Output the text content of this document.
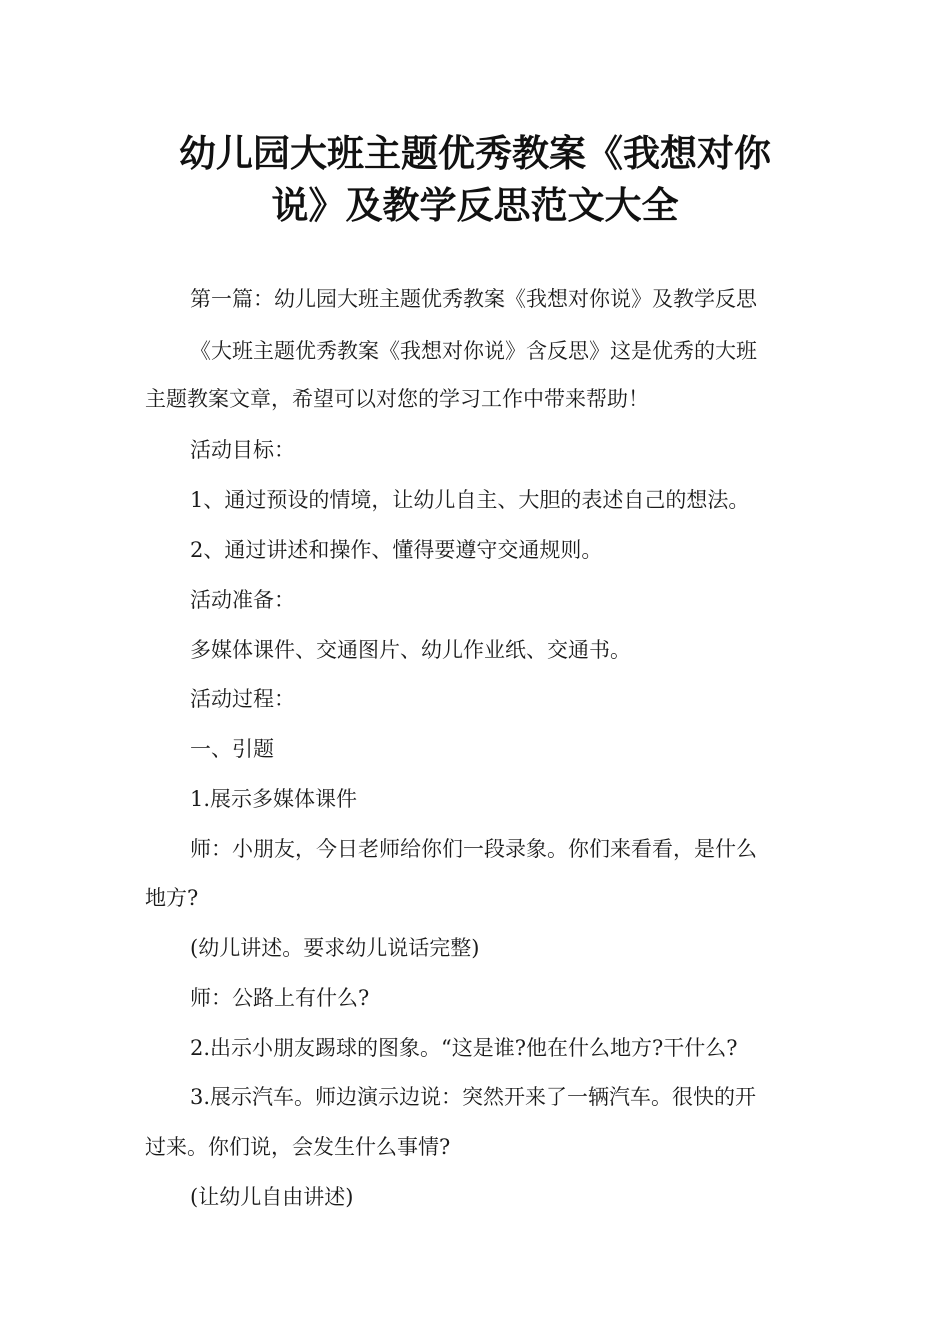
幼儿园大班主题优秀教案《我想对你
说》及教学反思范文大全

第一篇：幼儿园大班主题优秀教案《我想对你说》及教学反思

《大班主题优秀教案《我想对你说》含反思》这是优秀的大班

主题教案文章，希望可以对您的学习工作中带来帮助！

活动目标：

1、通过预设的情境，让幼儿自主、大胆的表述自己的想法。

2、通过讲述和操作、懂得要遵守交通规则。

活动准备：

多媒体课件、交通图片、幼儿作业纸、交通书。

活动过程：

一、引题

1.展示多媒体课件

师：小朋友，今日老师给你们一段录象。你们来看看，是什么

地方?

(幼儿讲述。要求幼儿说话完整)

师：公路上有什么?

2.出示小朋友踢球的图象。“这是谁?他在什么地方?干什么?

3.展示汽车。师边演示边说：突然开来了一辆汽车。很快的开

过来。你们说，会发生什么事情?

(让幼儿自由讲述)
